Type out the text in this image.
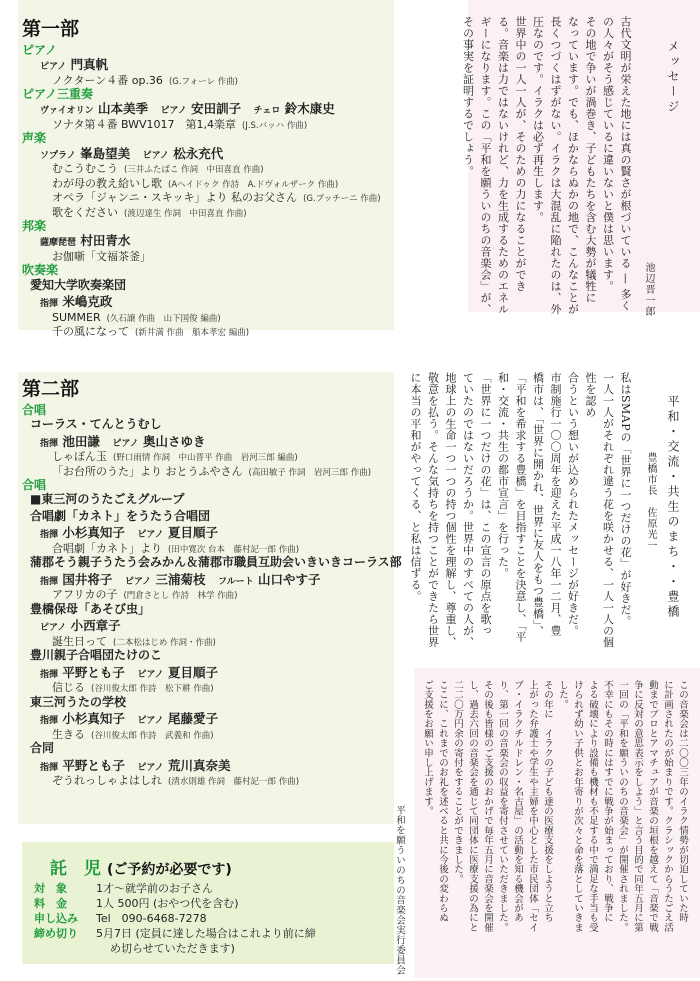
第一部
ピアノ
ピアノ 門真帆
ノクターン４番 op.36 (G.フォーレ 作曲)
ピアノ三重奏
ヴァイオリン 山本美季　ピアノ 安田訓子　チェロ 鈴木康史
ソナタ第４番 BWV1017　第1,4楽章 (J.S.バッハ 作曲)
声楽
ソプラノ 峯島望美　ピアノ 松永充代
むこうむこう (三井ふたばこ 作詞　中田喜直 作曲)
わが母の教え給いし歌 (Aヘイドゥク 作詩　A.ドヴォルザーク 作曲)
オペラ「ジャンニ・スキッキ」より 私のお父さん (G.プッチーニ 作曲)
歌をください (渡辺達生 作詞　中田喜直 作曲)
邦楽
薩摩琵琶 村田青水
お伽噺「文福茶釜」
吹奏楽
愛知大学吹奏楽団
指揮 米嶋克政
SUMMER (久石譲 作曲　山下国俊 編曲)
千の風になって (新井満 作曲　船本孝宏 編曲)
第二部
合唱
コーラス・てんとうむし
指揮 池田謙　ピアノ 奥山さゆき
しゃぼん玉 (野口雨情 作詞　中山晋平 作曲　岩河三郎 編曲)
「お台所のうた」より おとうふやさん (高田敏子 作詞　岩河三郎 作曲)
合唱
■東三河のうたごえグループ
合唱劇「カネト」をうたう合唱団
指揮 小杉真知子　ピアノ 夏目順子
合唱劇「カネト」より (田中寛次 台本　藤村記一郎 作曲)
蒲郡そう親子うたう会みかん＆蒲郡市職員互助会いきいきコーラス部
指揮 国井将子　ピアノ 三浦菊枝　フルート 山口やす子
アフリカの子 (門倉さとし 作詩　林学 作曲)
豊橋保母「あそび虫」
ピアノ 小西章子
誕生日って (二本松はじめ 作詞・作曲)
豊川親子合唱団たけのこ
指揮 平野とも子　ピアノ 夏目順子
信じる (谷川俊太郎 作詩　松下耕 作曲)
東三河うたの学校
指揮 小杉真知子　ピアノ 尾藤愛子
生きる (谷川俊太郎 作詩　武義和 作曲)
合同
指揮 平野とも子　ピアノ 荒川真奈美
ぞうれっしゃよはしれ (清水則雄 作詞　藤村記一郎 作曲)
託　児 (ご予約が必要です)
対　象	1才〜就学前のお子さん
料　金	1人 500円 (おやつ代を含む)
申し込み Tel　090-6468-7278
締め切り 5月7日 (定員に達した場合はこれより前に締
め切らせていただきます)
メッセージ
池辺晋一郎
古代文明が栄えた地には真の賢さが根づいている — 多く
の人々がそう感じているに違いないと僕は思います。
その地で争いが渦巻き、子どもたちを含む大勢が犠牲に
なっています。でも、ほかならぬかの地で、こんなことが
長くつづくはずがない。イラクは大混乱に陥れたのは、外
圧なのです。イラクは必ず再生します。
世界中の一人一人が、そのための力になることができ
る。音楽は力ではないけれど、力を生成するためのエネル
ギーになります。この「平和を願ういのちの音楽会」が、
その事実を証明するでしょう。
平和・交流・共生のまち・・豊橋
豊橋市長　佐原光一
私はSMAPの「世界に一つだけの花」が好きだ。
一人一人がそれぞれ違う花を咲かせる、一人一人の個性を認め
合うという想いが込められたメッセージが好きだ。
市制施行一〇〇周年を迎えた平成一八年一二月、豊
橋市は、「世界に開かれ、世界に友人をもつ豊橋」、
「平和を希求する豊橋」を目指すことを決意し、「平
和・交流・共生の都市宣言」を行った。
「世界に一つだけの花」は、この宣言の原点を歌っ
ていたのではないだろうか。世界中のすべての人が、
地球上の生命一つ一つの持つ個性を理解し、尊重し、
敬意を払う。そんな気持ちを持つことができたら世界
に本当の平和がやってくる、と私は信ずる。
この音楽会は二〇〇三年のイラク情勢が切迫していた時
に計画されたのが始まりです。クラシックからうたごえ活
動までプロとアマチュアが音楽の垣根を越えて「音楽で戦
争に反対の意思表示をしよう」と言う目的で同年五月に第
一回の「平和を願ういのちの音楽会」が開催されました。
不幸にもその時にはすでに戦争が始まっており、戦争に
よる破壊により設備も機材も不足する中で満足な手当も受
けられず幼い子供とお年寄りが次々と命を落としていきま
した。
その年に　イラクの子ども達の医療支援をしようと立ち
上がった弁護士や学生や主婦を中心とした市民団体「セイ
ブ・イラクチルドレン・名古屋」の活動を知る機会があ
り、第一回の音楽会の収益を寄付させていただきました。
その後も皆様のご支援のおかげで毎年五月に音楽会を開催
し、過去六回の音楽会を通じて同団体に医療支援の為にと
二二〇万円余の寄付をすることができました。
ここに、これまでのお礼を述べると共に今後の変わらぬ
ご支援をお願い申し上げます。
平和を願ういのちの音楽会実行委員会
